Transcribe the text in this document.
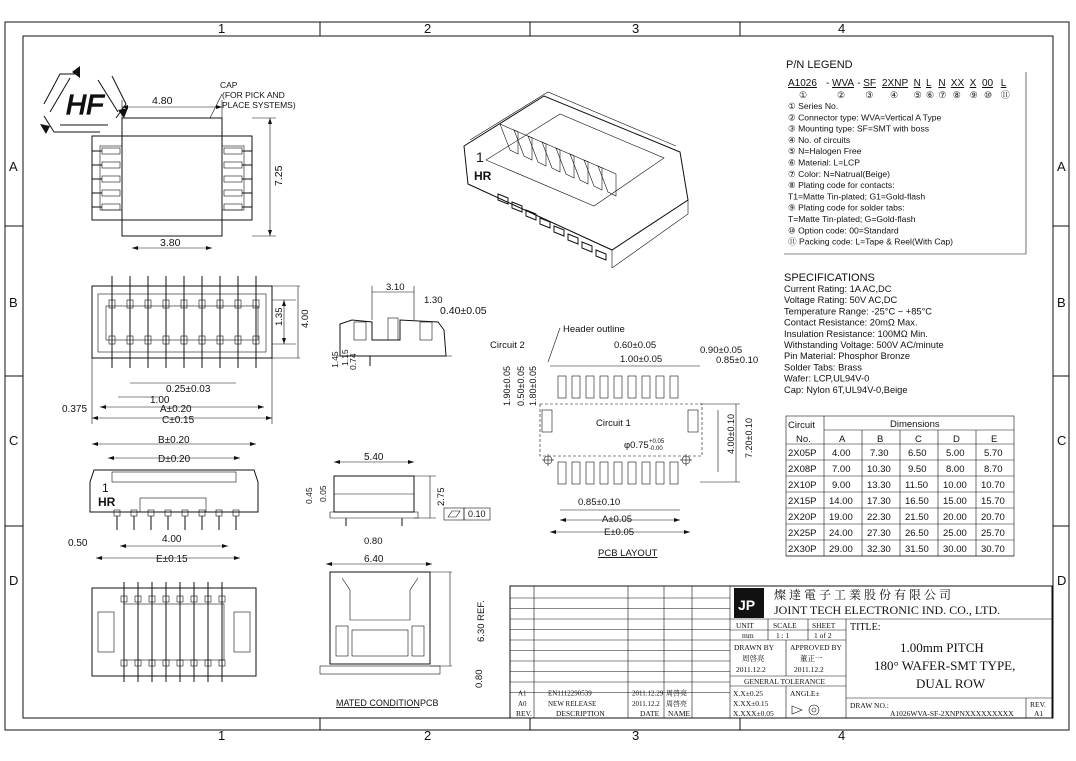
1	2	3	4
1	2	3	4
A
B
C
D
A
B
C
D
HF
CAP
(FOR PICK AND
PLACE SYSTEMS)
4.80
7.25
3.80
1.35 4.00
0.25±0.03
1.00
A±0.20
0.375
C±0.15
B±0.20
D±0.20
1
HR
4.00
0.50
E±0.15
3.10
1.30
0.40±0.05
1.45 1.15
0.74
5.40
0.45 0.05	2.75
0.10
0.80
6.40
6.30 REF.
0.80
MATED CONDITION PCB
1
HR
Header outline
Circuit 2
Circuit 1
0.60±0.05	0.90±0.05
1.00±0.05	0.85±0.10
φ0.75 +0.05
-0.00
1.90±0.05 0.50±0.05 1.80±0.05
4.00±0.10 7.20±0.10
0.85±0.10
A±0.05
E±0.05
PCB LAYOUT
P/N LEGEND
A1026
①
- WVA
②
- SF
③
2XNP
④
N
⑤
L
⑥
N
⑦
XX
⑧
X
⑨
00
⑩
L
⑪
① Series No.
② Connector type: WVA=Vertical A Type
③ Mounting type: SF=SMT with boss
④ No. of circuits
⑤ N=Halogen Free
⑥ Material: L=LCP
⑦ Color: N=Natrual(Beige)
⑧ Plating code for contacts:
T1=Matte Tin-plated; G1=Gold-flash
⑨ Plating code for solder tabs:
T=Matte Tin-plated; G=Gold-flash
⑩ Option code: 00=Standard
⑪ Packing code: L=Tape & Reel(With Cap)
SPECIFICATIONS
Current Rating: 1A AC,DC
Voltage Rating: 50V AC,DC
Temperature Range: -25°C ~ +85°C
Contact Resistance: 20mΩ Max.
Insulation Resistance: 100MΩ Min.
Withstanding Voltage: 500V AC/minute
Pin Material: Phosphor Bronze
Solder Tabs: Brass
Wafer: LCP,UL94V-0
Cap: Nylon 6T,UL94V-0,Beige
Circuit
No.
Dimensions
A	B	C	D	E
2X05P 4.00 7.30 6.50 5.00 5.70
2X08P 7.00 10.30 9.50 8.00 8.70
2X10P 9.00 13.30 11.50 10.00 10.70
2X15P 14.00 17.30 16.50 15.00 15.70
2X20P 19.00 22.30 21.50 20.00 20.70
2X25P 24.00 27.30 26.50 25.00 25.70
2X30P 29.00 32.30 31.50 30.00 30.70
A1	EN1112290539	2011.12.29 周啓亮
A0	NEW RELEASE	2011.12.2 周啓亮
REV.	DESCRIPTION	DATE NAME
JP
燦 達 電 子 工 業 股 份 有 限 公 司
JOINT TECH ELECTRONIC IND. CO., LTD.
UNIT	SCALE SHEET
mm	1 : 1	1 of 2
TITLE:
1.00mm PITCH
180° WAFER-SMT TYPE,
DUAL ROW
DRAWN BY APPROVED BY
周啓亮	董正一
2011.12.2	2011.12.2
GENERAL TOLERANCE
X.X±0.25
X.XX±0.15
X.XXX±0.05
ANGLE±
DRAW NO.:
A1026WVA-SF-2XNPNXXXXXXXXX
REV.
A1
